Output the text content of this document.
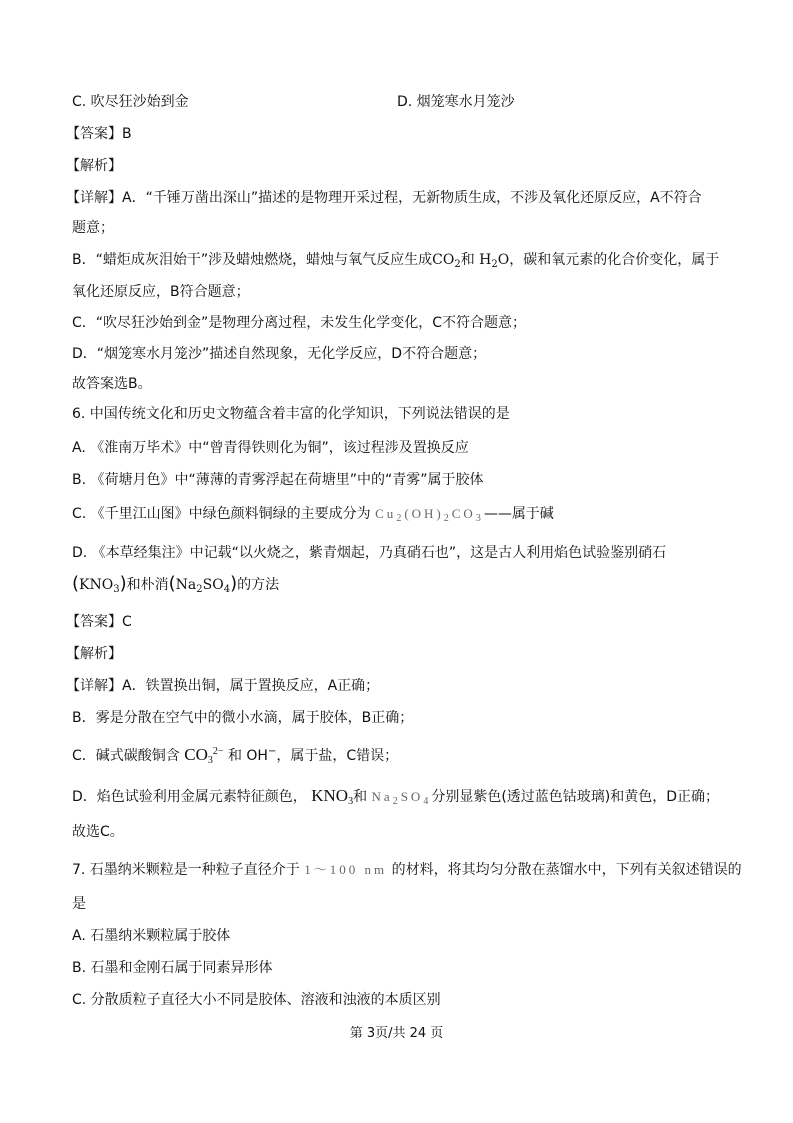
C. 吹尽狂沙始到金	D. 烟笼寒水月笼沙
【答案】B
【解析】
【详解】A．“千锤万凿出深山”描述的是物理开采过程，无新物质生成，不涉及氧化还原反应，A不符合
题意；
B．“蜡炬成灰泪始干”涉及蜡烛燃烧，蜡烛与氧气反应生成$CO_2$和 $H_2O$，碳和氧元素的化合价变化，属于
氧化还原反应，B符合题意；
C．“吹尽狂沙始到金”是物理分离过程，未发生化学变化，C不符合题意；
D．“烟笼寒水月笼沙”描述自然现象，无化学反应，D不符合题意；
故答案选B。
6. 中国传统文化和历史文物蕴含着丰富的化学知识，下列说法错误的是
A. 《淮南万毕术》中“曾青得铁则化为铜”，该过程涉及置换反应
B. 《荷塘月色》中“薄薄的青雾浮起在荷塘里”中的“青雾”属于胶体
C. 《千里江山图》中绿色颜料铜绿的主要成分为 $Cu_2(OH)_2CO_3——$属于碱
D. 《本草经集注》中记载“以火烧之，紫青烟起，乃真硝石也”，这是古人利用焰色试验鉴别硝石
$(KNO_3)$和朴消$(Na_2SO_4)$的方法
【答案】C
【解析】
【详解】A．铁置换出铜，属于置换反应，A正确；
B．雾是分散在空气中的微小水滴，属于胶体，B正确；
C．碱式碳酸铜含 $CO_3^{2-}$ 和 OH−，属于盐，C错误；
D．焰色试验利用金属元素特征颜色， $KNO_3$和 $Na_2SO_4$分别显紫色(透过蓝色钴玻璃)和黄色，D正确；
故选C。
7. 石墨纳米颗粒是一种粒子直径介于 1～100 nm 的材料，将其均匀分散在蒸馏水中，下列有关叙述错误的
是
A. 石墨纳米颗粒属于胶体
B. 石墨和金刚石属于同素异形体
C. 分散质粒子直径大小不同是胶体、溶液和浊液的本质区别
第 3页/共 24 页
